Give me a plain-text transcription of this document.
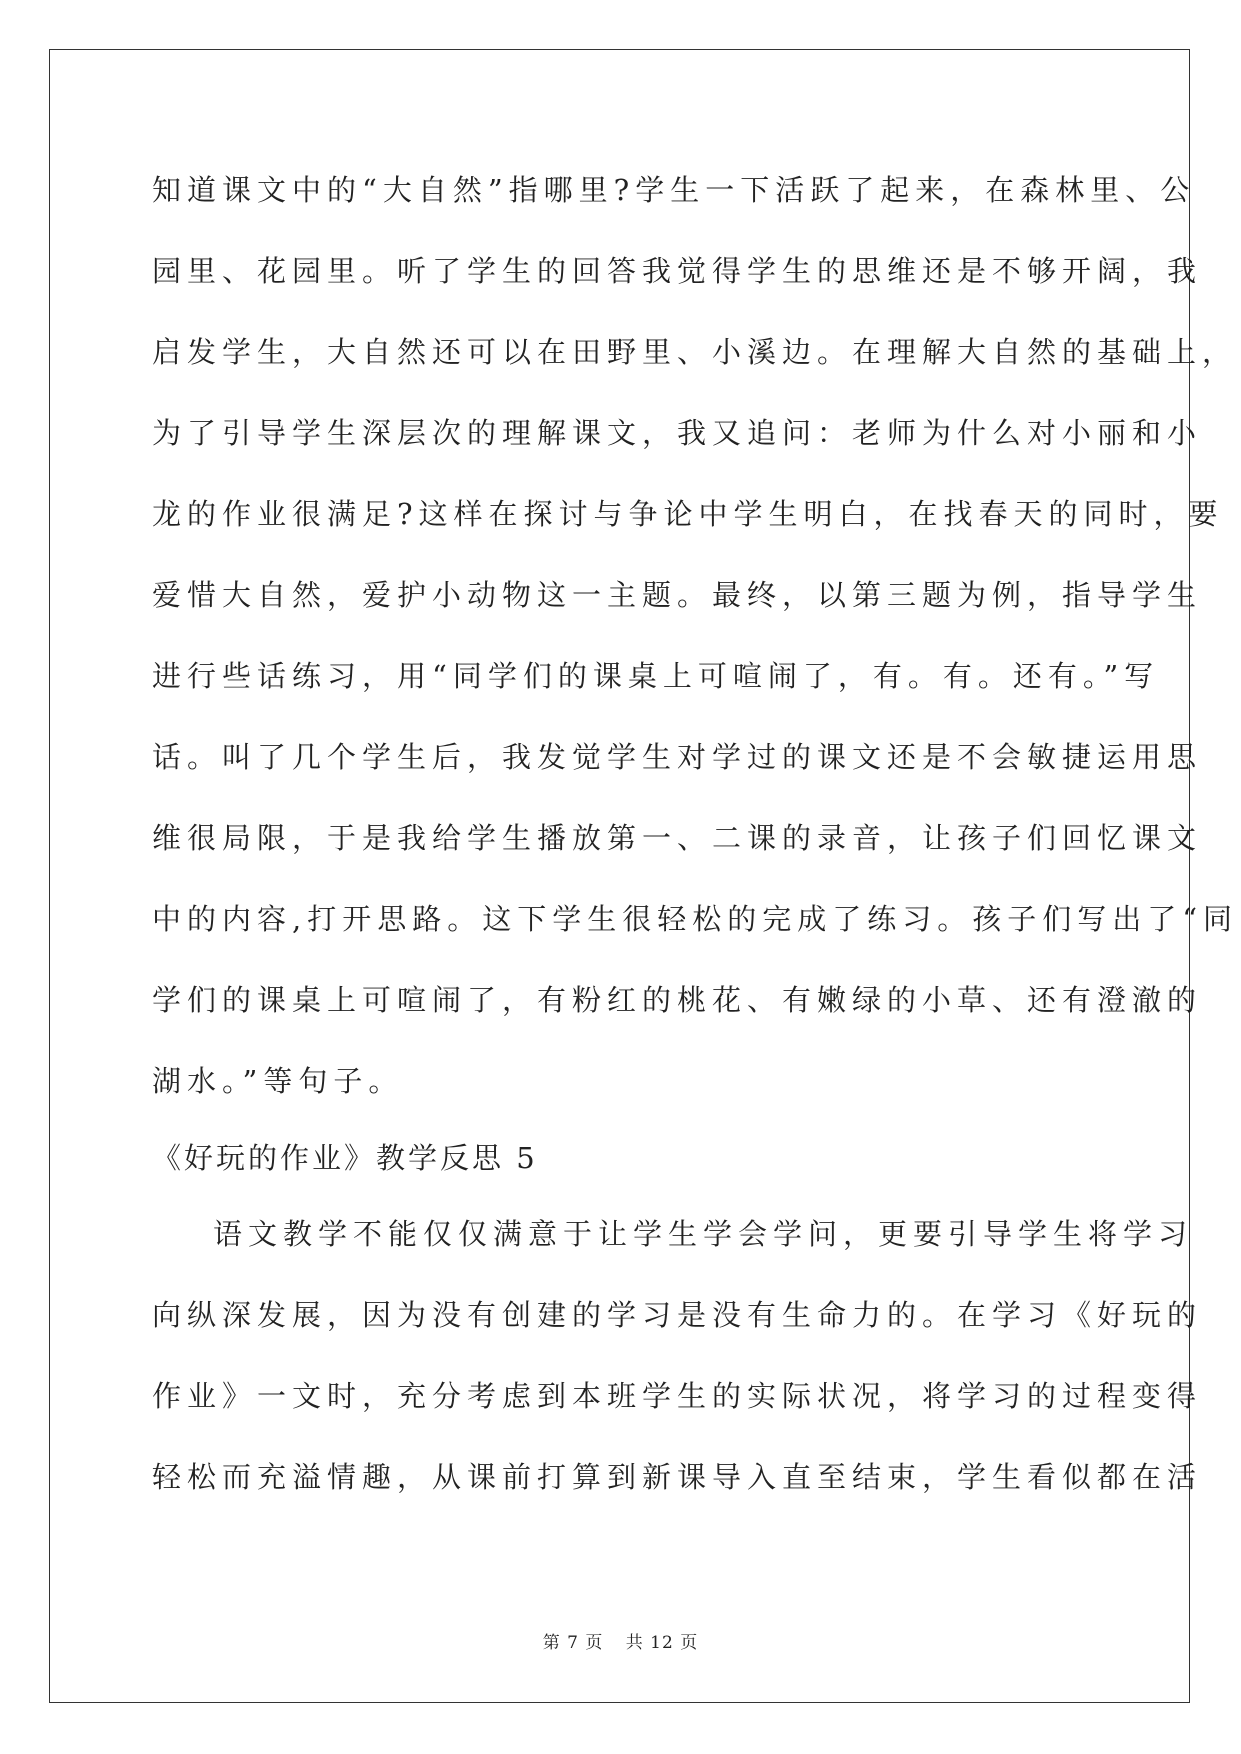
知道课文中的“大自然”指哪里?学生一下活跃了起来，在森林里、公
园里、花园里。听了学生的回答我觉得学生的思维还是不够开阔，我
启发学生，大自然还可以在田野里、小溪边。在理解大自然的基础上，
为了引导学生深层次的理解课文，我又追问：老师为什么对小丽和小
龙的作业很满足?这样在探讨与争论中学生明白，在找春天的同时，要
爱惜大自然，爱护小动物这一主题。最终，以第三题为例，指导学生
进行些话练习，用“同学们的课桌上可喧闹了，有。有。还有。”写
话。叫了几个学生后，我发觉学生对学过的课文还是不会敏捷运用思
维很局限，于是我给学生播放第一、二课的录音，让孩子们回忆课文
中的内容,打开思路。这下学生很轻松的完成了练习。孩子们写出了“同
学们的课桌上可喧闹了，有粉红的桃花、有嫩绿的小草、还有澄澈的
湖水。”等句子。
《好玩的作业》教学反思 5
语文教学不能仅仅满意于让学生学会学问，更要引导学生将学习
向纵深发展，因为没有创建的学习是没有生命力的。在学习《好玩的
作业》一文时，充分考虑到本班学生的实际状况，将学习的过程变得
轻松而充溢情趣，从课前打算到新课导入直至结束，学生看似都在活
第 7 页 共 12 页
